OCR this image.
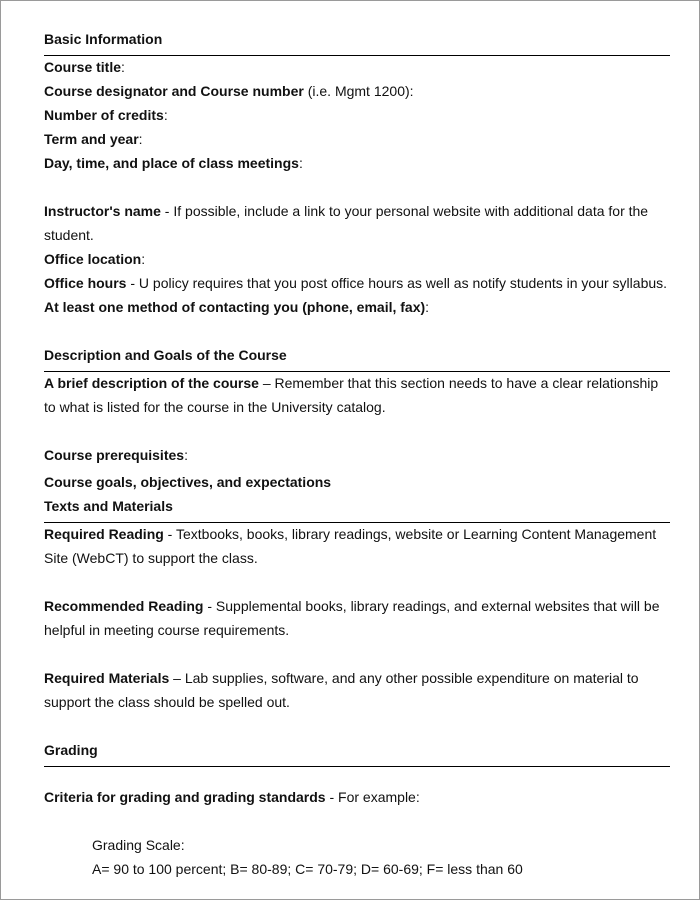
Basic Information

Course title:

Course designator and Course number (i.e. Mgmt 1200):

Number of credits:

Term and year:

Day, time, and place of class meetings:

Instructor's name - If possible, include a link to your personal website with additional data for the student.

Office location:

Office hours - U policy requires that you post office hours as well as notify students in your syllabus.

At least one method of contacting you (phone, email, fax):

Description and Goals of the Course

A brief description of the course – Remember that this section needs to have a clear relationship to what is listed for the course in the University catalog.

Course prerequisites:

Course goals, objectives, and expectations

Texts and Materials

Required Reading - Textbooks, books, library readings, website or Learning Content Management Site (WebCT) to support the class.

Recommended Reading - Supplemental books, library readings, and external websites that will be helpful in meeting course requirements.

Required Materials – Lab supplies, software, and any other possible expenditure on material to support the class should be spelled out.

Grading

Criteria for grading and grading standards - For example:

Grading Scale:

A= 90 to 100 percent; B= 80-89; C= 70-79; D= 60-69; F= less than 60
